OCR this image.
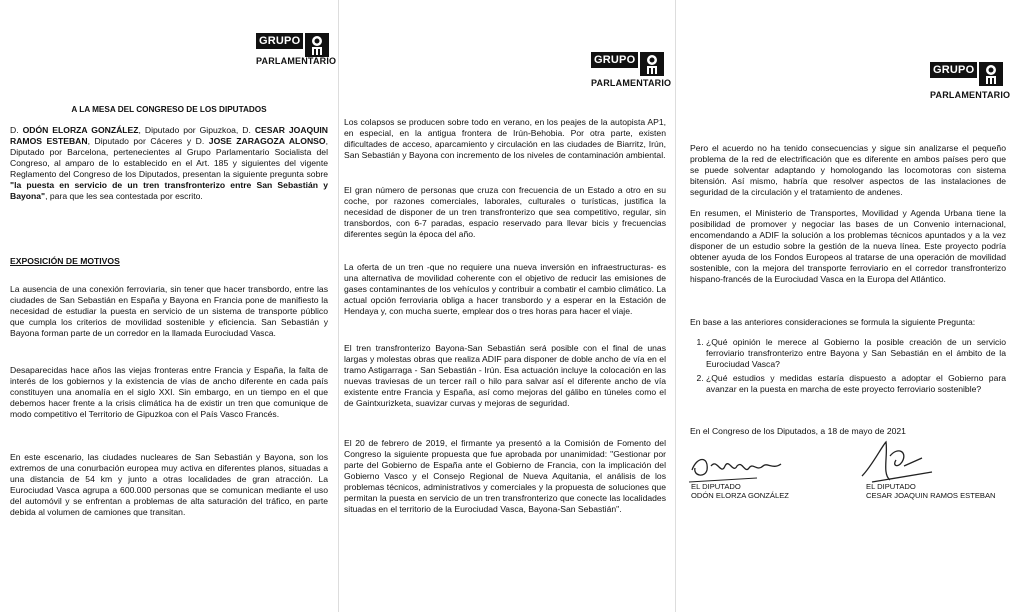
GRUPO
PARLAMENTARIO
A LA MESA DEL CONGRESO DE LOS DIPUTADOS
D. ODÓN ELORZA GONZÁLEZ, Diputado por Gipuzkoa, D. CESAR JOAQUIN RAMOS ESTEBAN, Diputado por Cáceres y D. JOSE ZARAGOZA ALONSO, Diputado por Barcelona, pertenecientes al Grupo Parlamentario Socialista del Congreso, al amparo de lo establecido en el Art. 185 y siguientes del vigente Reglamento del Congreso de los Diputados, presentan la siguiente pregunta sobre "la puesta en servicio de un tren transfronterizo entre San Sebastián y Bayona", para que les sea contestada por escrito.
EXPOSICIÓN DE MOTIVOS
La ausencia de una conexión ferroviaria, sin tener que hacer transbordo, entre las ciudades de San Sebastián en España y Bayona en Francia pone de manifiesto la necesidad de estudiar la puesta en servicio de un sistema de transporte público que cumpla los criterios de movilidad sostenible y eficiencia. San Sebastián y Bayona forman parte de un corredor en la llamada Eurociudad Vasca.
Desaparecidas hace años las viejas fronteras entre Francia y España, la falta de interés de los gobiernos y la existencia de vías de ancho diferente en cada país constituyen una anomalía en el siglo XXI. Sin embargo, en un tiempo en el que debemos hacer frente a la crisis climática ha de existir un tren que comunique de modo competitivo el Territorio de Gipuzkoa con el País Vasco Francés.
En este escenario, las ciudades nucleares de San Sebastián y Bayona, son los extremos de una conurbación europea muy activa en diferentes planos, situadas a una distancia de 54 km y junto a otras localidades de gran atracción. La Eurociudad Vasca agrupa a 600.000 personas que se comunican mediante el uso del automóvil y se enfrentan a problemas de alta saturación del tráfico, en parte debida al volumen de camiones que transitan.
GRUPO
PARLAMENTARIO
Los colapsos se producen sobre todo en verano, en los peajes de la autopista AP1, en especial, en la antigua frontera de Irún-Behobia. Por otra parte, existen dificultades de acceso, aparcamiento y circulación en las ciudades de Biarritz, Irún, San Sebastián y Bayona con incremento de los niveles de contaminación ambiental.
El gran número de personas que cruza con frecuencia de un Estado a otro en su coche, por razones comerciales, laborales, culturales o turísticas, justifica la necesidad de disponer de un tren transfronterizo que sea competitivo, regular, sin transbordos, con 6-7 paradas, espacio reservado para llevar bicis y frecuencias diferentes según la época del año.
La oferta de un tren -que no requiere una nueva inversión en infraestructuras- es una alternativa de movilidad coherente con el objetivo de reducir las emisiones de gases contaminantes de los vehículos y contribuir a combatir el cambio climático. La actual opción ferroviaria obliga a hacer transbordo y a esperar en la Estación de Hendaya y, con mucha suerte, emplear dos o tres horas para hacer el viaje.
El tren transfronterizo Bayona-San Sebastián será posible con el final de unas largas y molestas obras que realiza ADIF para disponer de doble ancho de vía en el tramo Astigarraga - San Sebastián - Irún. Esa actuación incluye la colocación en las nuevas traviesas de un tercer raíl o hilo para salvar así el diferente ancho de vía existente entre Francia y España, así como mejoras del gálibo en túneles como el de Gaintxurizketa, suavizar curvas y mejoras de seguridad.
El 20 de febrero de 2019, el firmante ya presentó a la Comisión de Fomento del Congreso la siguiente propuesta que fue aprobada por unanimidad: "Gestionar por parte del Gobierno de España ante el Gobierno de Francia, con la implicación del Gobierno Vasco y el Consejo Regional de Nueva Aquitania, el análisis de los problemas técnicos, administrativos y comerciales y la propuesta de soluciones que permitan la puesta en servicio de un tren transfronterizo que conecte las localidades situadas en el territorio de la Eurociudad Vasca, Bayona-San Sebastián".
GRUPO
PARLAMENTARIO
Pero el acuerdo no ha tenido consecuencias y sigue sin analizarse el pequeño problema de la red de electrificación que es diferente en ambos países pero que se puede solventar adaptando y homologando las locomotoras con sistema bitensión. Así mismo, habría que resolver aspectos de las instalaciones de seguridad de la circulación y el tratamiento de andenes.
En resumen, el Ministerio de Transportes, Movilidad y Agenda Urbana tiene la posibilidad de promover y negociar las bases de un Convenio internacional, encomendando a ADIF la solución a los problemas técnicos apuntados y a la vez disponer de un estudio sobre la gestión de la nueva línea. Este proyecto podría obtener ayuda de los Fondos Europeos al tratarse de una operación de movilidad sostenible, con la mejora del transporte ferroviario en el corredor transfronterizo hispano-francés de la Eurociudad Vasca en la Europa del Atlántico.
En base a las anteriores consideraciones se formula la siguiente Pregunta:
1. ¿Qué opinión le merece al Gobierno la posible creación de un servicio ferroviario transfronterizo entre Bayona y San Sebastián en el ámbito de la Eurociudad Vasca?
2. ¿Qué estudios y medidas estaría dispuesto a adoptar el Gobierno para avanzar en la puesta en marcha de este proyecto ferroviario sostenible?
En el Congreso de los Diputados, a 18 de mayo de 2021
EL DIPUTADO
ODÓN ELORZA GONZÁLEZ
EL DIPUTADO
CESAR JOAQUIN RAMOS ESTEBAN
